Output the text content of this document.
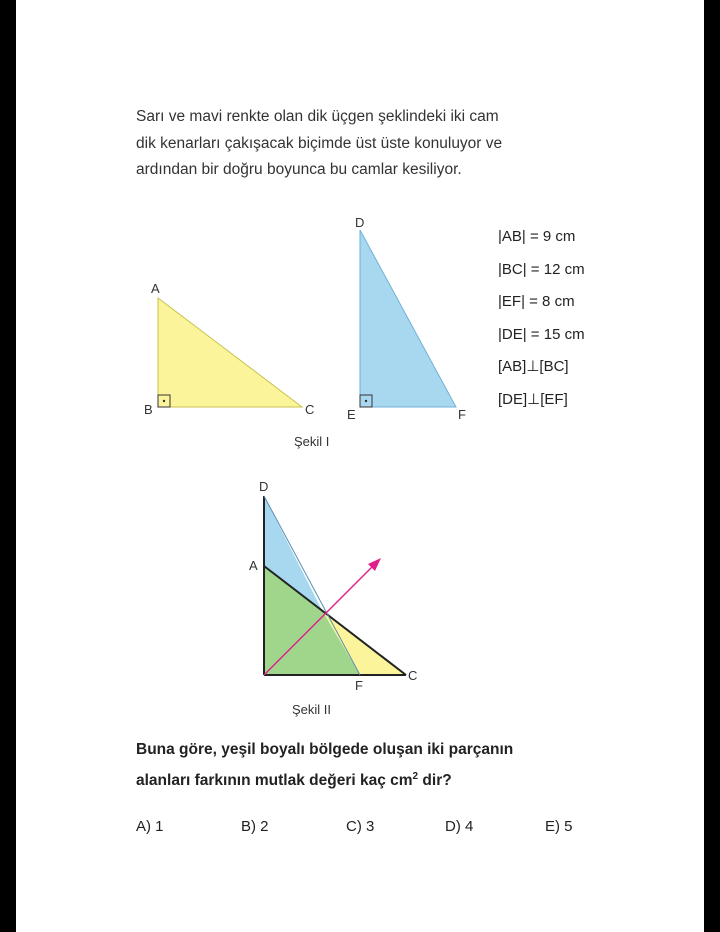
Sarı ve mavi renkte olan dik üçgen şeklindeki iki cam
dik kenarları çakışacak biçimde üst üste konuluyor ve
ardından bir doğru boyunca bu camlar kesiliyor.
A
B	C
D
E	F
Şekil I
D
A
F
C
Şekil II
|AB| = 9 cm
|BC| = 12 cm
|EF| = 8 cm
|DE| = 15 cm
[AB]⊥[BC]
[DE]⊥[EF]
Buna göre, yeşil boyalı bölgede oluşan iki parçanın
alanları farkının mutlak değeri kaç $cm^2$ dir?
A) 1	B) 2	C) 3	D) 4	E) 5
